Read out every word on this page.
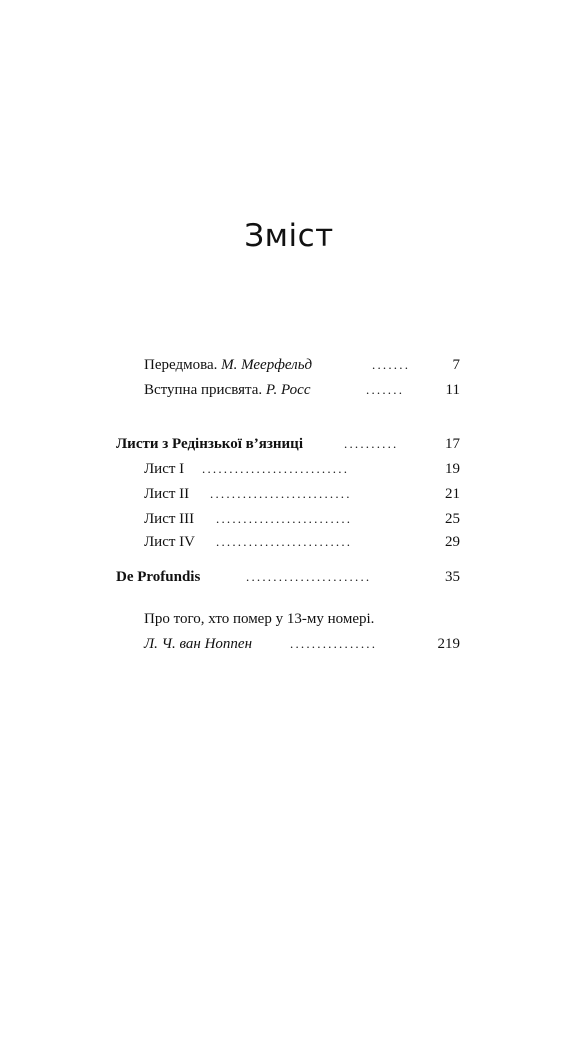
Зміст
Передмова. М. Меерфельд	.......	7
Вступна присвята. Р. Росс	.......	11
Листи з Редінзької в’язниці	..........	17
Лист I ...........................	19
Лист II ..........................	21
Лист III .........................	25
Лист IV .........................	29
De Profundis	.......................	35
Про того, хто помер у 13-му номері.
Л. Ч. ван Ноппен	................	219
